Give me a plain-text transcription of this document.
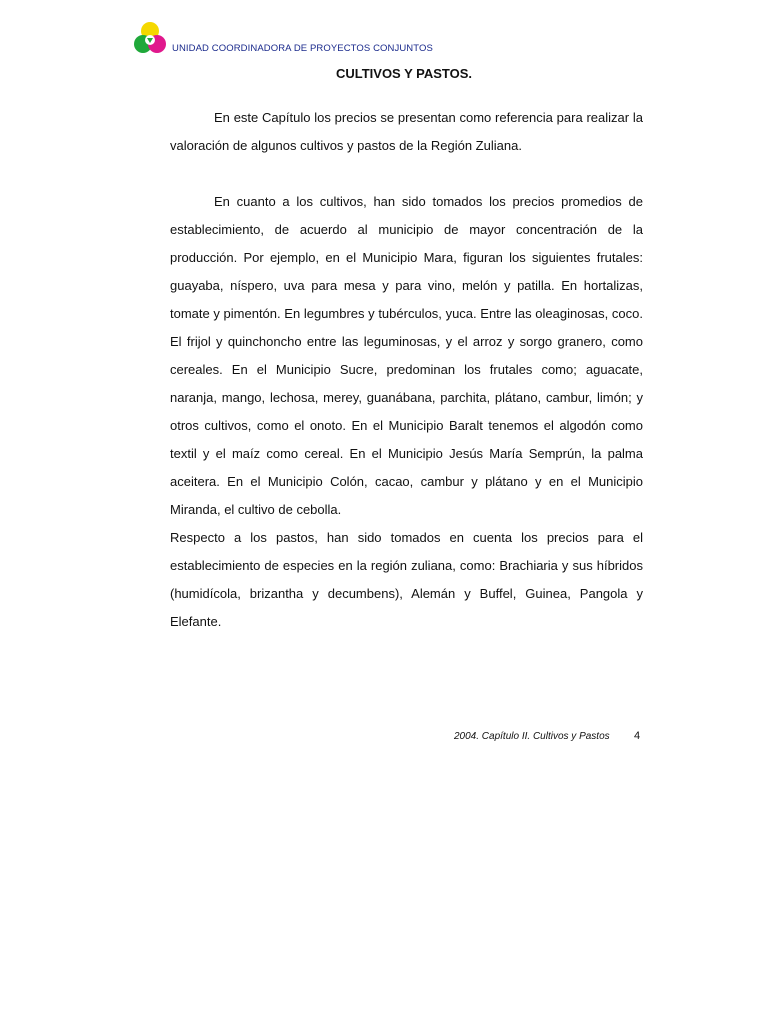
UNIDAD COORDINADORA DE PROYECTOS CONJUNTOS
CULTIVOS Y PASTOS.

En este Capítulo los precios se presentan como referencia para realizar la valoración de algunos cultivos y pastos de la Región Zuliana.

En cuanto a los cultivos, han sido tomados los precios promedios de establecimiento, de acuerdo al municipio de mayor concentración de la producción. Por ejemplo, en el Municipio Mara, figuran los siguientes frutales: guayaba, níspero, uva para mesa y para vino, melón y patilla. En hortalizas, tomate y pimentón. En legumbres y tubérculos, yuca. Entre las oleaginosas, coco. El frijol y quinchoncho entre las leguminosas, y el arroz y sorgo granero, como cereales. En el Municipio Sucre, predominan los frutales como; aguacate, naranja, mango, lechosa, merey, guanábana, parchita, plátano, cambur, limón; y otros cultivos, como el onoto. En el Municipio Baralt tenemos el algodón como textil y el maíz como cereal. En el Municipio Jesús María Semprún, la palma aceitera. En el Municipio Colón, cacao, cambur y plátano y en el Municipio Miranda, el cultivo de cebolla.

Respecto a los pastos, han sido tomados en cuenta los precios para el establecimiento de especies en la región zuliana, como: Brachiaria y sus híbridos (humidícola, brizantha y decumbens), Alemán y Buffel, Guinea, Pangola y Elefante.

2004. Capítulo II. Cultivos y Pastos 4
